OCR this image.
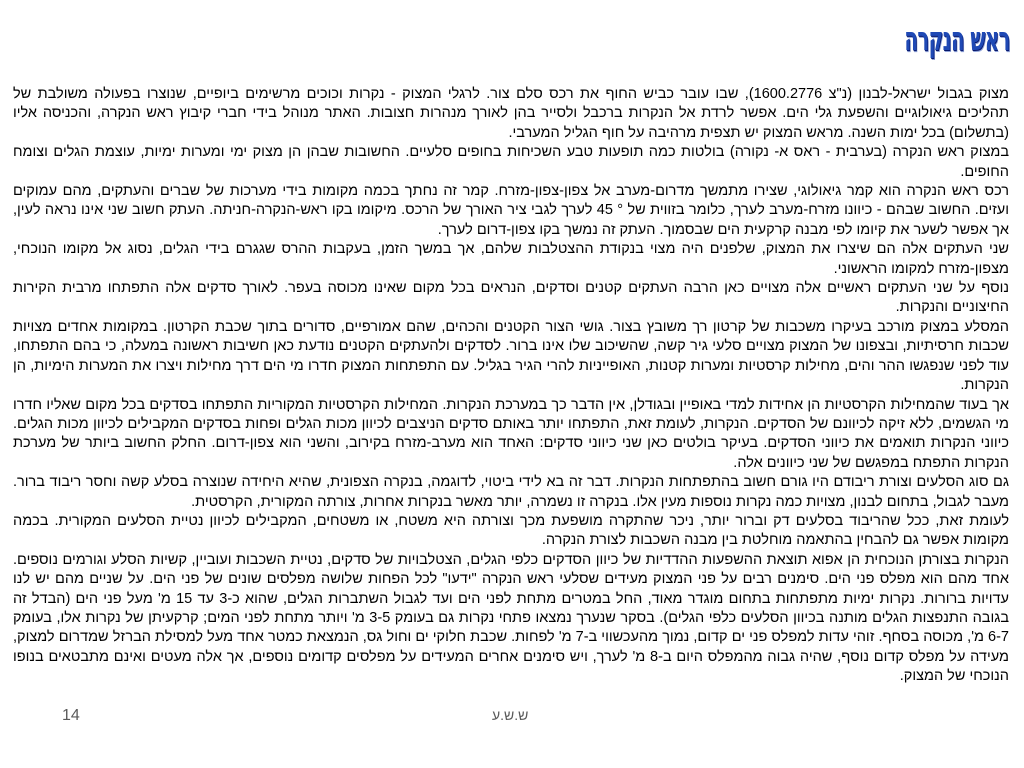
ראש הנקרה

מצוק בגבול ישראל-לבנון (נ"צ 1600.2776), שבו עובר כביש החוף את רכס סלם צור. לרגלי המצוק - נקרות וכוכים מרשימים ביופיים, שנוצרו בפעולה משולבת של תהליכים גיאולוגיים והשפעת גלי הים. אפשר לרדת אל הנקרות ברכבל ולסייר בהן לאורך מנהרות חצובות. האתר מנוהל בידי חברי קיבוץ ראש הנקרה, והכניסה אליו (בתשלום) בכל ימות השנה. מראש המצוק יש תצפית מרהיבה על חוף הגליל המערבי.

במצוק ראש הנקרה (בערבית - ראס א- נקורה) בולטות כמה תופעות טבע השכיחות בחופים סלעיים. החשובות שבהן הן מצוק ימי ומערות ימיות, עוצמת הגלים וצומח החופים.

רכס ראש הנקרה הוא קמר גיאולוגי, שצירו מתמשך מדרום-מערב אל צפון-צפון-מזרח. קמר זה נחתך בכמה מקומות בידי מערכות של שברים והעתקים, מהם עמוקים ועזים. החשוב שבהם - כיוונו מזרח-מערב לערך, כלומר בזווית של ° 45 לערך לגבי ציר האורך של הרכס. מיקומו בקו ראש-הנקרה-חניתה. העתק חשוב שני אינו נראה לעין, אך אפשר לשער את קיומו לפי מבנה קרקעית הים שבסמוך. העתק זה נמשך בקו צפון-דרום לערך.

שני העתקים אלה הם שיצרו את המצוק, שלפנים היה מצוי בנקודת ההצטלבות שלהם, אך במשך הזמן, בעקבות ההרס שגגרם בידי הגלים, נסוג אל מקומו הנוכחי, מצפון-מזרח למקומו הראשוני.

נוסף על שני העתקים ראשיים אלה מצויים כאן הרבה העתקים קטנים וסדקים, הנראים בכל מקום שאינו מכוסה בעפר. לאורך סדקים אלה התפתחו מרבית הקירות החיצוניים והנקרות.

המסלע במצוק מורכב בעיקרו משכבות של קרטון רך משובץ בצור. גושי הצור הקטנים והכהים, שהם אמורפיים, סדורים בתוך שכבת הקרטון. במקומות אחדים מצויות שכבות חרסיתיות, ובצפונו של המצוק מצויים סלעי גיר קשה, שהשיכוב שלו אינו ברור. לסדקים ולהעתקים הקטנים נודעת כאן חשיבות ראשונה במעלה, כי בהם התפתחו, עוד לפני שנפגשו ההר והים, מחילות קרסטיות ומערות קטנות, האופייניות להרי הגיר בגליל. עם התפתחות המצוק חדרו מי הים דרך מחילות ויצרו את המערות הימיות, הן הנקרות.

אך בעוד שהמחילות הקרסטיות הן אחידות למדי באופיין ובגודלן, אין הדבר כך במערכת הנקרות. המחילות הקרסטיות המקוריות התפתחו בסדקים בכל מקום שאליו חדרו מי הגשמים, ללא זיקה לכיוונם של הסדקים. הנקרות, לעומת זאת, התפתחו יותר באותם סדקים הניצבים לכיוון מכות הגלים ופחות בסדקים המקבילים לכיוון מכות הגלים. כיווני הנקרות תואמים את כיווני הסדקים. בעיקר בולטים כאן שני כיווני סדקים: האחד הוא מערב-מזרח בקירוב, והשני הוא צפון-דרום. החלק החשוב ביותר של מערכת הנקרות התפתח במפגשם של שני כיוונים אלה.

גם סוג הסלעים וצורת ריבודם היו גורם חשוב בהתפתחות הנקרות. דבר זה בא לידי ביטוי, לדוגמה, בנקרה הצפונית, שהיא היחידה שנוצרה בסלע קשה וחסר ריבוד ברור. מעבר לגבול, בתחום לבנון, מצויות כמה נקרות נוספות מעין אלו. בנקרה זו נשמרה, יותר מאשר בנקרות אחרות, צורתה המקורית, הקרסטית.

לעומת זאת, ככל שהריבוד בסלעים דק וברור יותר, ניכר שהתקרה מושפעת מכך וצורתה היא משטח, או משטחים, המקבילים לכיוון נטיית הסלעים המקורית. בכמה מקומות אפשר גם להבחין בהתאמה מוחלטת בין מבנה השכבות לצורת הנקרה.

הנקרות בצורתן הנוכחית הן אפוא תוצאת ההשפעות ההדדיות של כיוון הסדקים כלפי הגלים, הצטלבויות של סדקים, נטיית השכבות ועוביין, קשיות הסלע וגורמים נוספים. אחד מהם הוא מפלס פני הים. סימנים רבים על פני המצוק מעידים שסלעי ראש הנקרה "ידעו" לכל הפחות שלושה מפלסים שונים של פני הים. על שניים מהם יש לנו עדויות ברורות. נקרות ימיות מתפתחות בתחום מוגדר מאוד, החל במטרים מתחת לפני הים ועד לגבול השתברות הגלים, שהוא כ-3 עד 15 מ' מעל פני הים (הבדל זה בגובה התנפצות הגלים מותנה בכיוון הסלעים כלפי הגלים). בסקר שנערך נמצאו פתחי נקרות גם בעומק 3-5 מ' ויותר מתחת לפני המים; קרקעיתן של נקרות אלו, בעומק 6-7 מ', מכוסה בסחף. זוהי עדות למפלס פני ים קדום, נמוך מהעכשווי ב-7 מ' לפחות. שכבת חלוקי ים וחול גס, הנמצאת כמטר אחד מעל למסילת הברזל שמדרום למצוק, מעידה על מפלס קדום נוסף, שהיה גבוה מהמפלס היום ב-8 מ' לערך, ויש סימנים אחרים המעידים על מפלסים קדומים נוספים, אך אלה מעטים ואינם מתבטאים בנופו הנוכחי של המצוק.

14	ש.ש.ע
